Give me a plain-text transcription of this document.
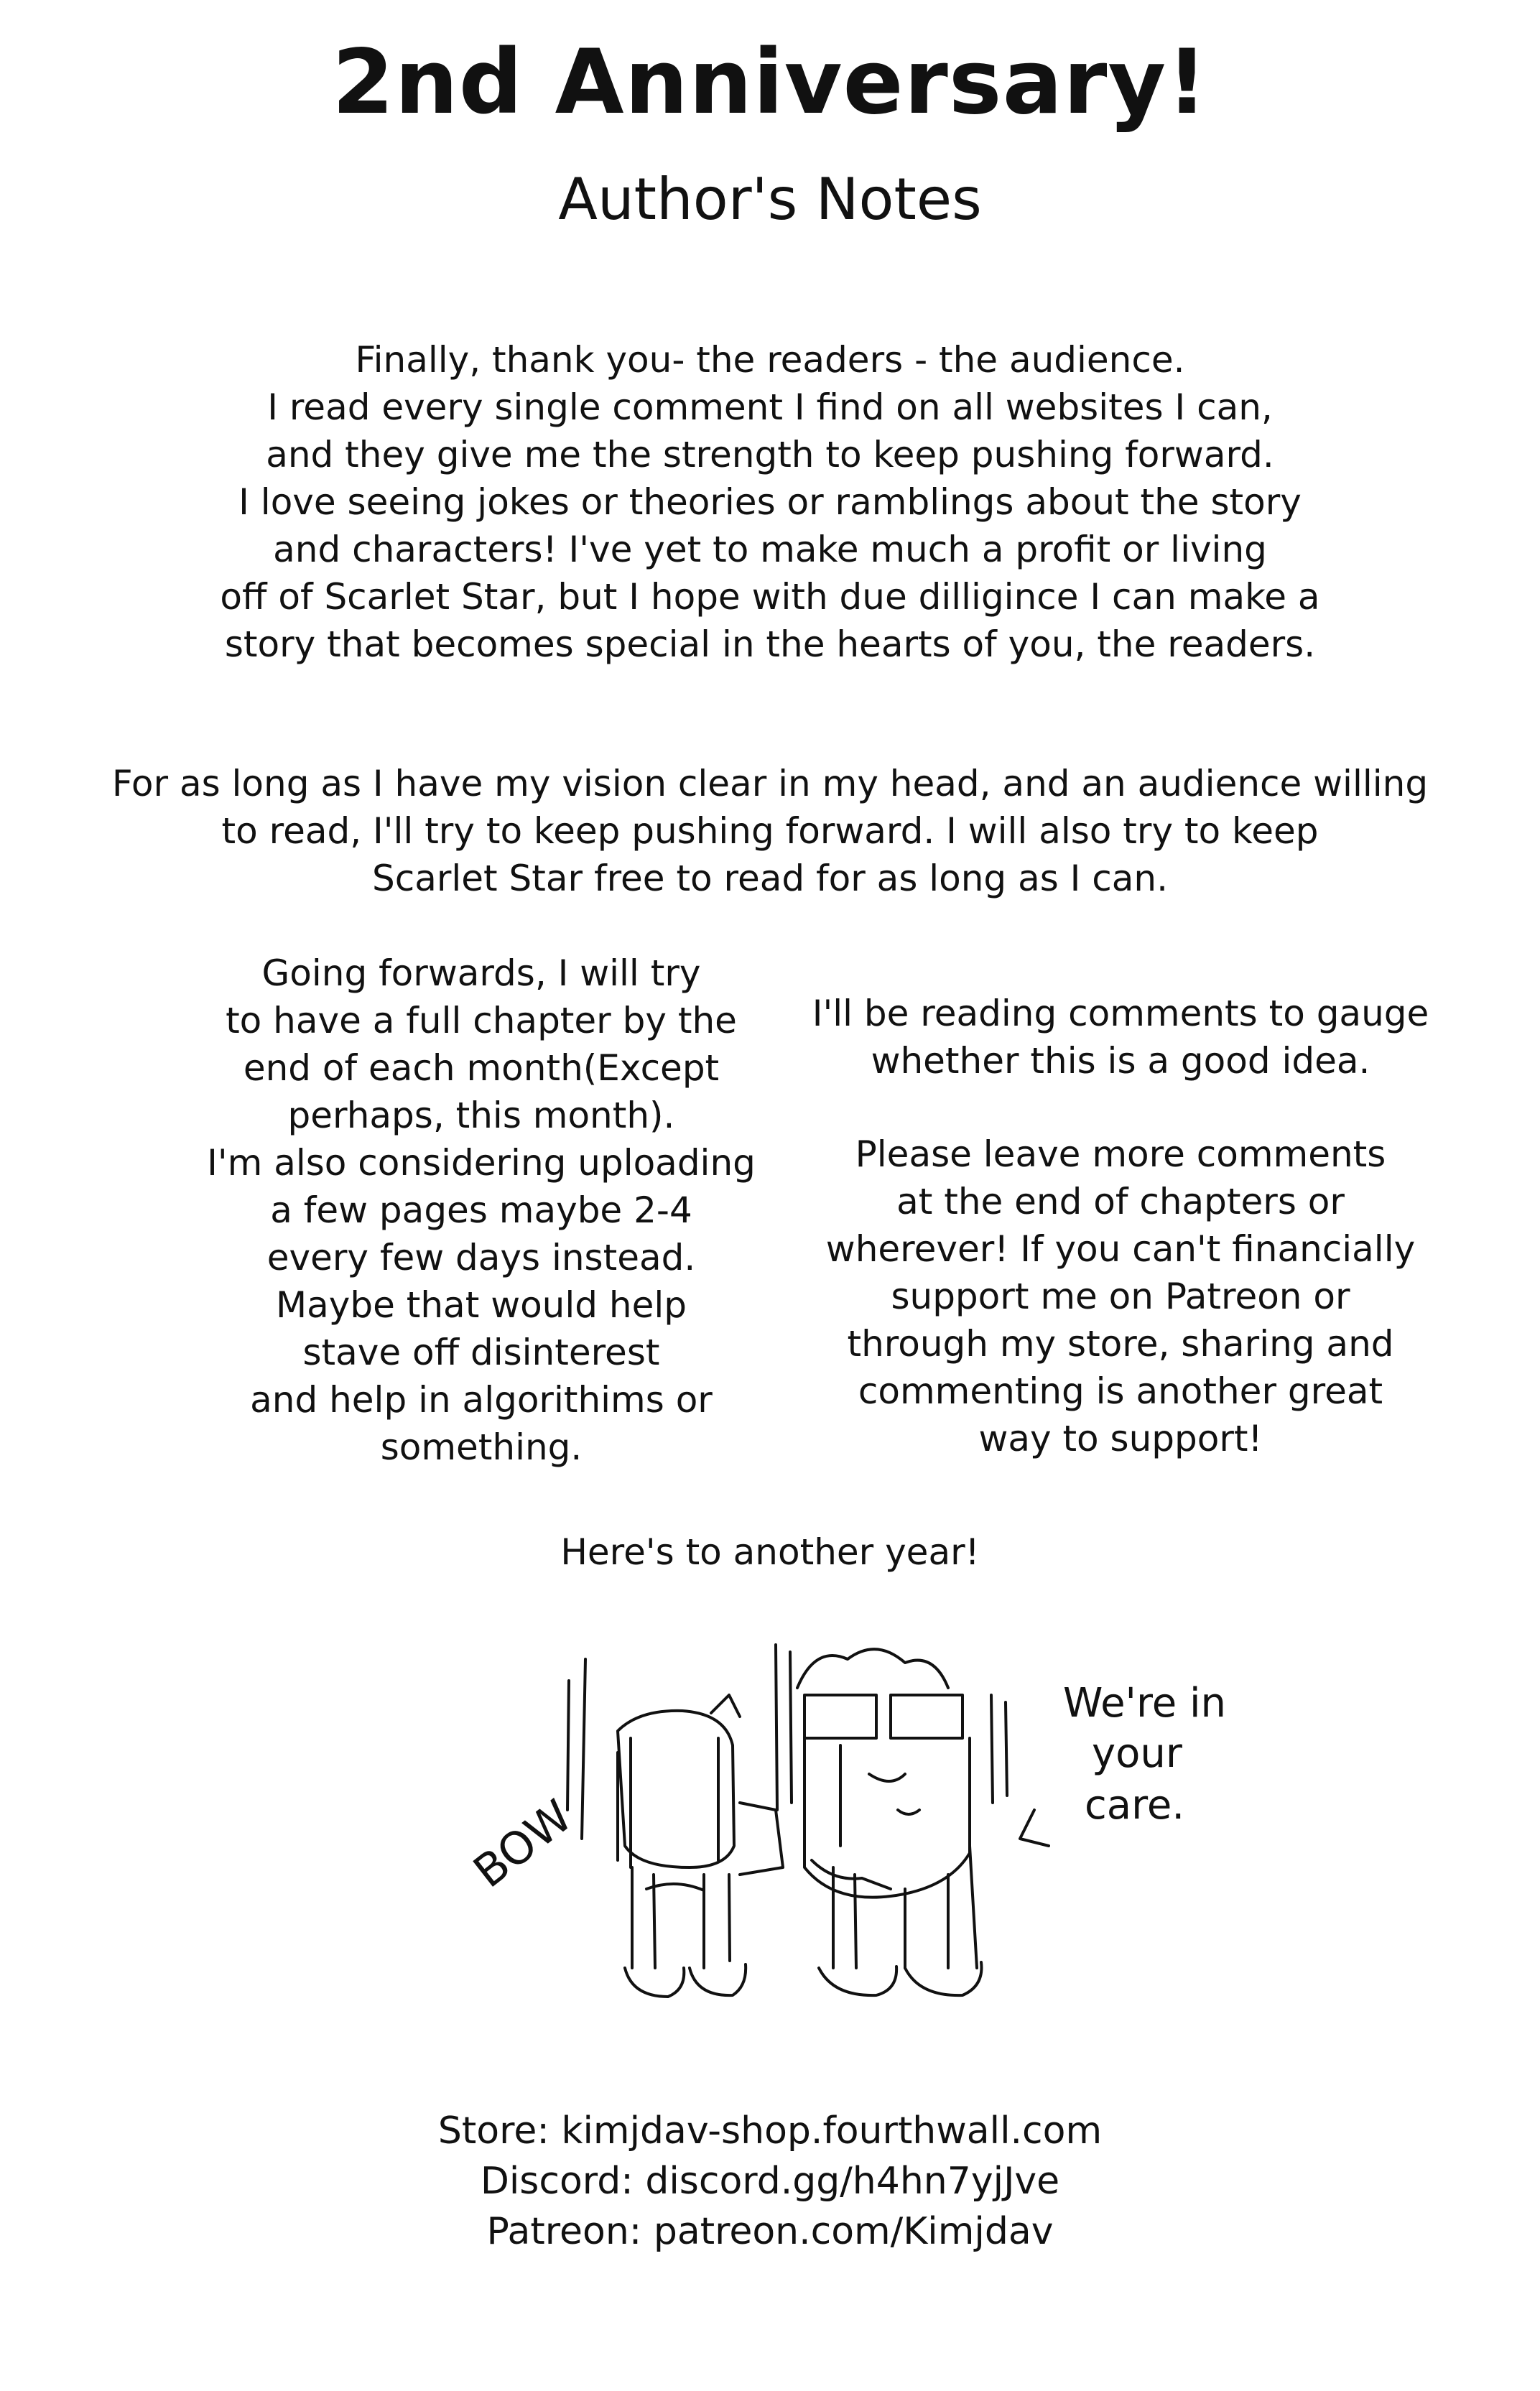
2nd Anniversary!
Author's Notes
Finally, thank you- the readers - the audience.
I read every single comment I find on all websites I can,
and they give me the strength to keep pushing forward.
I love seeing jokes or theories or ramblings about the story
and characters! I've yet to make much a profit or living
off of Scarlet Star, but I hope with due dilligince I can make a
story that becomes special in the hearts of you, the readers.
For as long as I have my vision clear in my head, and an audience willing
to read, I'll try to keep pushing forward. I will also try to keep
Scarlet Star free to read for as long as I can.
Going forwards, I will try
to have a full chapter by the
end of each month(Except
perhaps, this month).
I'm also considering uploading
a few pages maybe 2-4
every few days instead.
Maybe that would help
stave off disinterest
and help in algorithims or
something.
I'll be reading comments to gauge
whether this is a good idea.
Please leave more comments
at the end of chapters or
wherever! If you can't financially
support me on Patreon or
through my store, sharing and
commenting is another great
way to support!
Here's to another year!
BOW
We're in
your
care.
Store: kimjdav-shop.fourthwall.com
Discord: discord.gg/h4hn7yjJve
Patreon: patreon.com/Kimjdav
